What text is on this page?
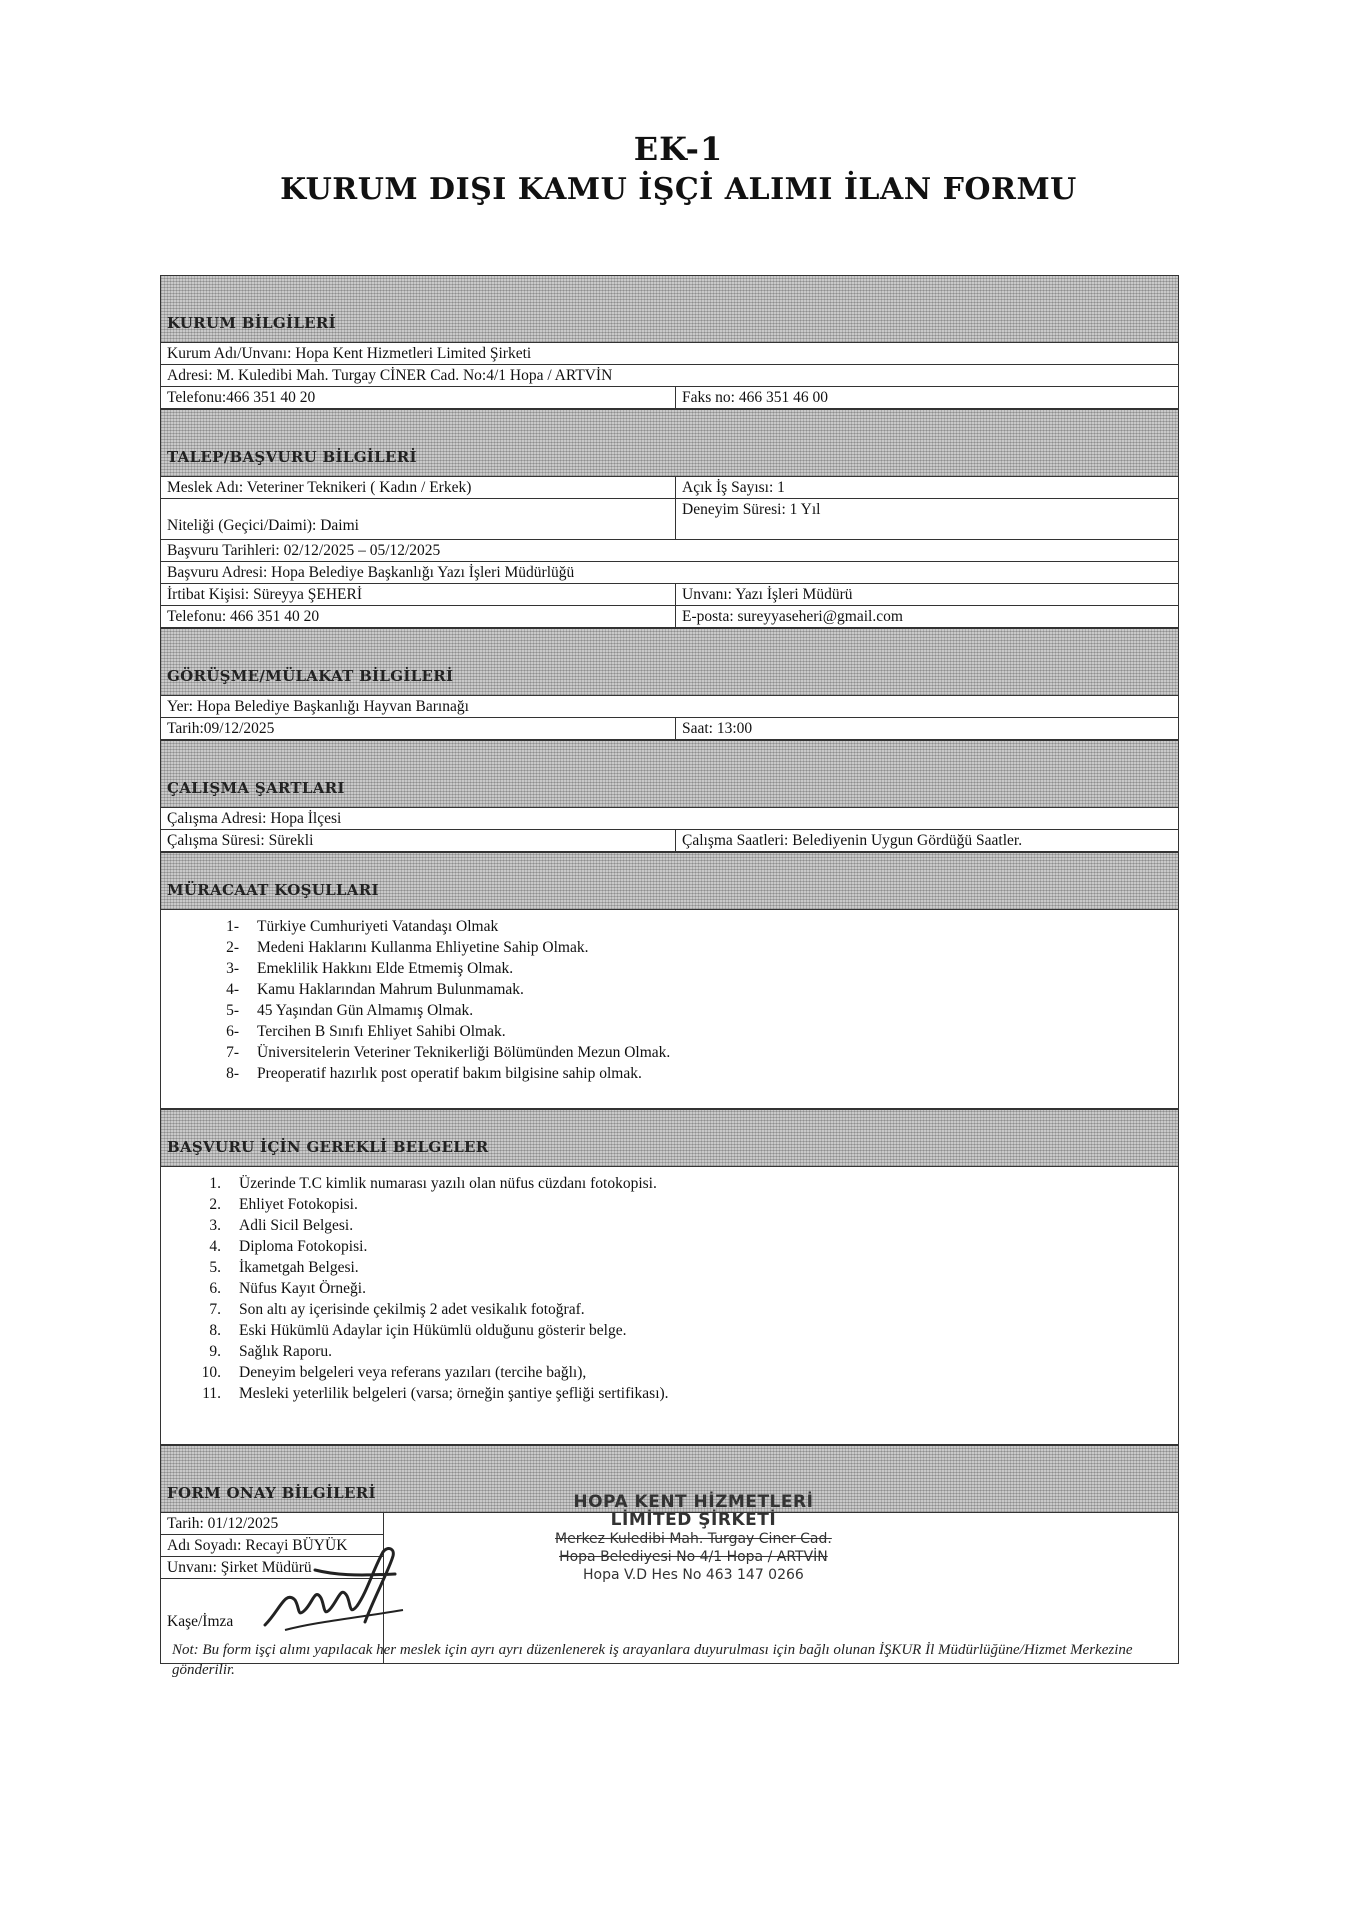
EK-1
KURUM DIŞI KAMU İŞÇİ ALIMI İLAN FORMU
KURUM BİLGİLERİ
Kurum Adı/Unvanı: Hopa Kent Hizmetleri Limited Şirketi
Adresi: M. Kuledibi Mah. Turgay CİNER Cad. No:4/1 Hopa / ARTVİN
Telefonu:466 351 40 20	Faks no: 466 351 46 00
TALEP/BAŞVURU BİLGİLERİ
Meslek Adı: Veteriner Teknikeri ( Kadın / Erkek)	Açık İş Sayısı: 1
Niteliği (Geçici/Daimi): Daimi
Deneyim Süresi: 1 Yıl
Başvuru Tarihleri: 02/12/2025 – 05/12/2025
Başvuru Adresi: Hopa Belediye Başkanlığı Yazı İşleri Müdürlüğü
İrtibat Kişisi: Süreyya ŞEHERİ	Unvanı: Yazı İşleri Müdürü
Telefonu: 466 351 40 20	E-posta: sureyyaseheri@gmail.com
GÖRÜŞME/MÜLAKAT BİLGİLERİ
Yer: Hopa Belediye Başkanlığı Hayvan Barınağı
Tarih:09/12/2025	Saat: 13:00
ÇALIŞMA ŞARTLARI
Çalışma Adresi: Hopa İlçesi
Çalışma Süresi: Sürekli	Çalışma Saatleri: Belediyenin Uygun Gördüğü Saatler.
MÜRACAAT KOŞULLARI
1-	Türkiye Cumhuriyeti Vatandaşı Olmak
2-	Medeni Haklarını Kullanma Ehliyetine Sahip Olmak.
3-	Emeklilik Hakkını Elde Etmemiş Olmak.
4-	Kamu Haklarından Mahrum Bulunmamak.
5-	45 Yaşından Gün Almamış Olmak.
6-	Tercihen B Sınıfı Ehliyet Sahibi Olmak.
7-	Üniversitelerin Veteriner Teknikerliği Bölümünden Mezun Olmak.
8-	Preoperatif hazırlık post operatif bakım bilgisine sahip olmak.
BAŞVURU İÇİN GEREKLİ BELGELER
1.	Üzerinde T.C kimlik numarası yazılı olan nüfus cüzdanı fotokopisi.
2.	Ehliyet Fotokopisi.
3.	Adli Sicil Belgesi.
4.	Diploma Fotokopisi.
5.	İkametgah Belgesi.
6.	Nüfus Kayıt Örneği.
7.	Son altı ay içerisinde çekilmiş 2 adet vesikalık fotoğraf.
8.	Eski Hükümlü Adaylar için Hükümlü olduğunu gösterir belge.
9.	Sağlık Raporu.
10.	Deneyim belgeleri veya referans yazıları (tercihe bağlı),
11.	Mesleki yeterlilik belgeleri (varsa; örneğin şantiye şefliği sertifikası).
FORM ONAY BİLGİLERİ
Tarih: 01/12/2025
Adı Soyadı: Recayi BÜYÜK
Unvanı: Şirket Müdürü
Kaşe/İmza
HOPA KENT HİZMETLERİ
LİMİTED ŞİRKETİ
Merkez Kuledibi Mah. Turgay Ciner Cad.
Hopa Belediyesi No 4/1 Hopa / ARTVİN
Hopa V.D Hes No 463 147 0266
Not: Bu form işçi alımı yapılacak her meslek için ayrı ayrı düzenlenerek iş arayanlara duyurulması için bağlı olunan İŞKUR İl Müdürlüğüne/Hizmet Merkezine gönderilir.
